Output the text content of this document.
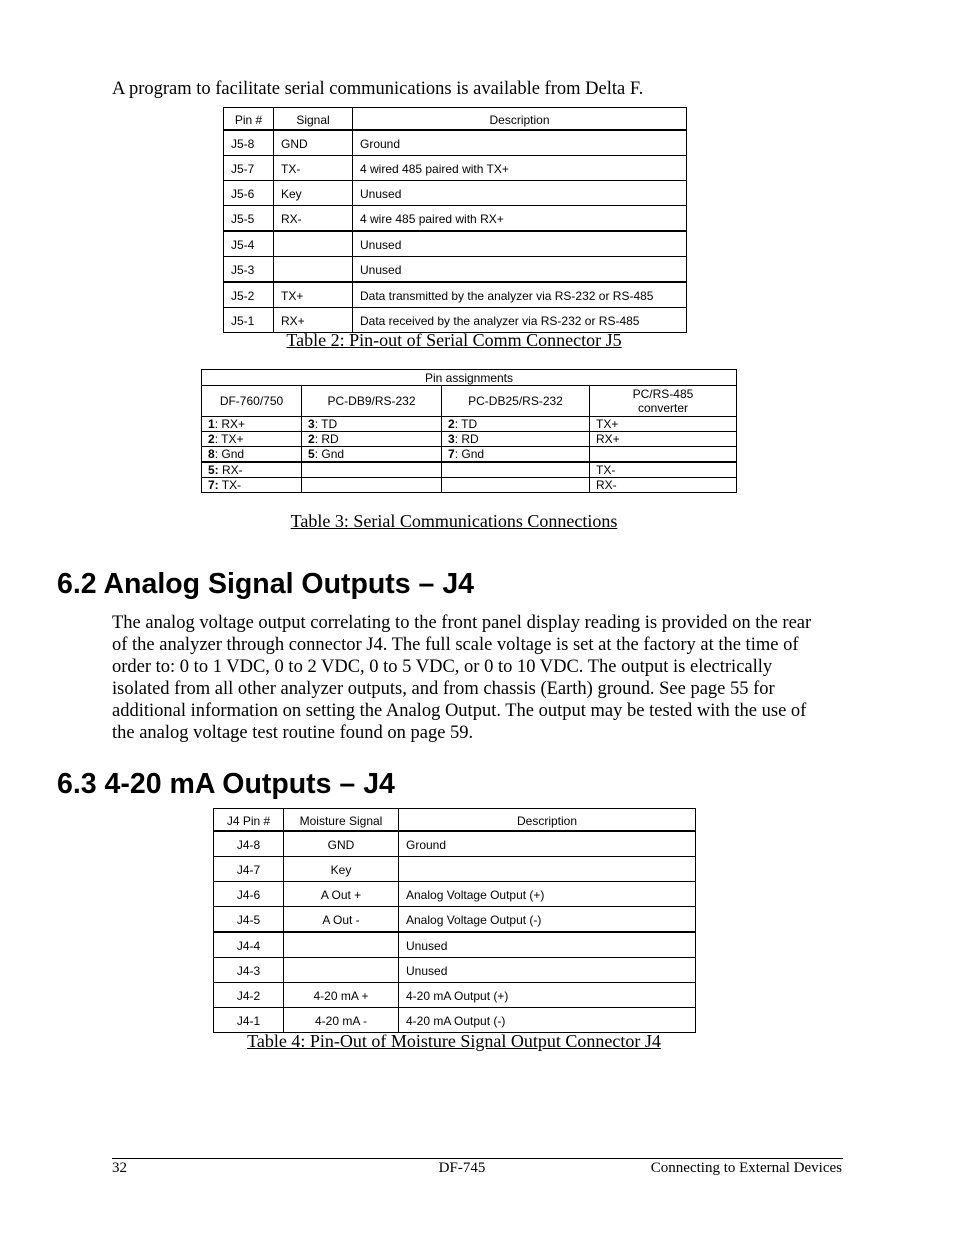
A program to facilitate serial communications is available from Delta F.
Pin #	Signal	Description
J5-8	GND	Ground
J5-7	TX-	4 wired 485 paired with TX+
J5-6	Key	Unused
J5-5	RX-	4 wire 485 paired with RX+
J5-4		Unused
J5-3		Unused
J5-2	TX+	Data transmitted by the analyzer via RS-232 or RS-485
J5-1	RX+	Data received by the analyzer via RS-232 or RS-485
Table 2: Pin-out of Serial Comm Connector J5
Pin assignments			
DF-760/750	PC-DB9/RS-232	PC-DB25/RS-232	PC/RS-485 converter
1: RX+	3: TD	2: TD	TX+
2: TX+	2: RD	3: RD	RX+
8: Gnd	5: Gnd	7: Gnd	
5: RX-			TX-
7: TX-			RX-
Table 3: Serial Communications Connections
6.2 Analog Signal Outputs – J4
The analog voltage output correlating to the front panel display reading is provided on the rear of the analyzer through connector J4. The full scale voltage is set at the factory at the time of order to: 0 to 1 VDC, 0 to 2 VDC, 0 to 5 VDC, or 0 to 10 VDC. The output is electrically isolated from all other analyzer outputs, and from chassis (Earth) ground. See page 55 for additional information on setting the Analog Output. The output may be tested with the use of the analog voltage test routine found on page 59.
6.3 4-20 mA Outputs – J4
J4 Pin #	Moisture Signal	Description
J4-8	GND	Ground
J4-7	Key	
J4-6	A Out +	Analog Voltage Output (+)
J4-5	A Out -	Analog Voltage Output (-)
J4-4		Unused
J4-3		Unused
J4-2	4-20 mA +	4-20 mA Output (+)
J4-1	4-20 mA -	4-20 mA Output (-)
Table 4: Pin-Out of Moisture Signal Output Connector J4
32	DF-745	Connecting to External Devices
